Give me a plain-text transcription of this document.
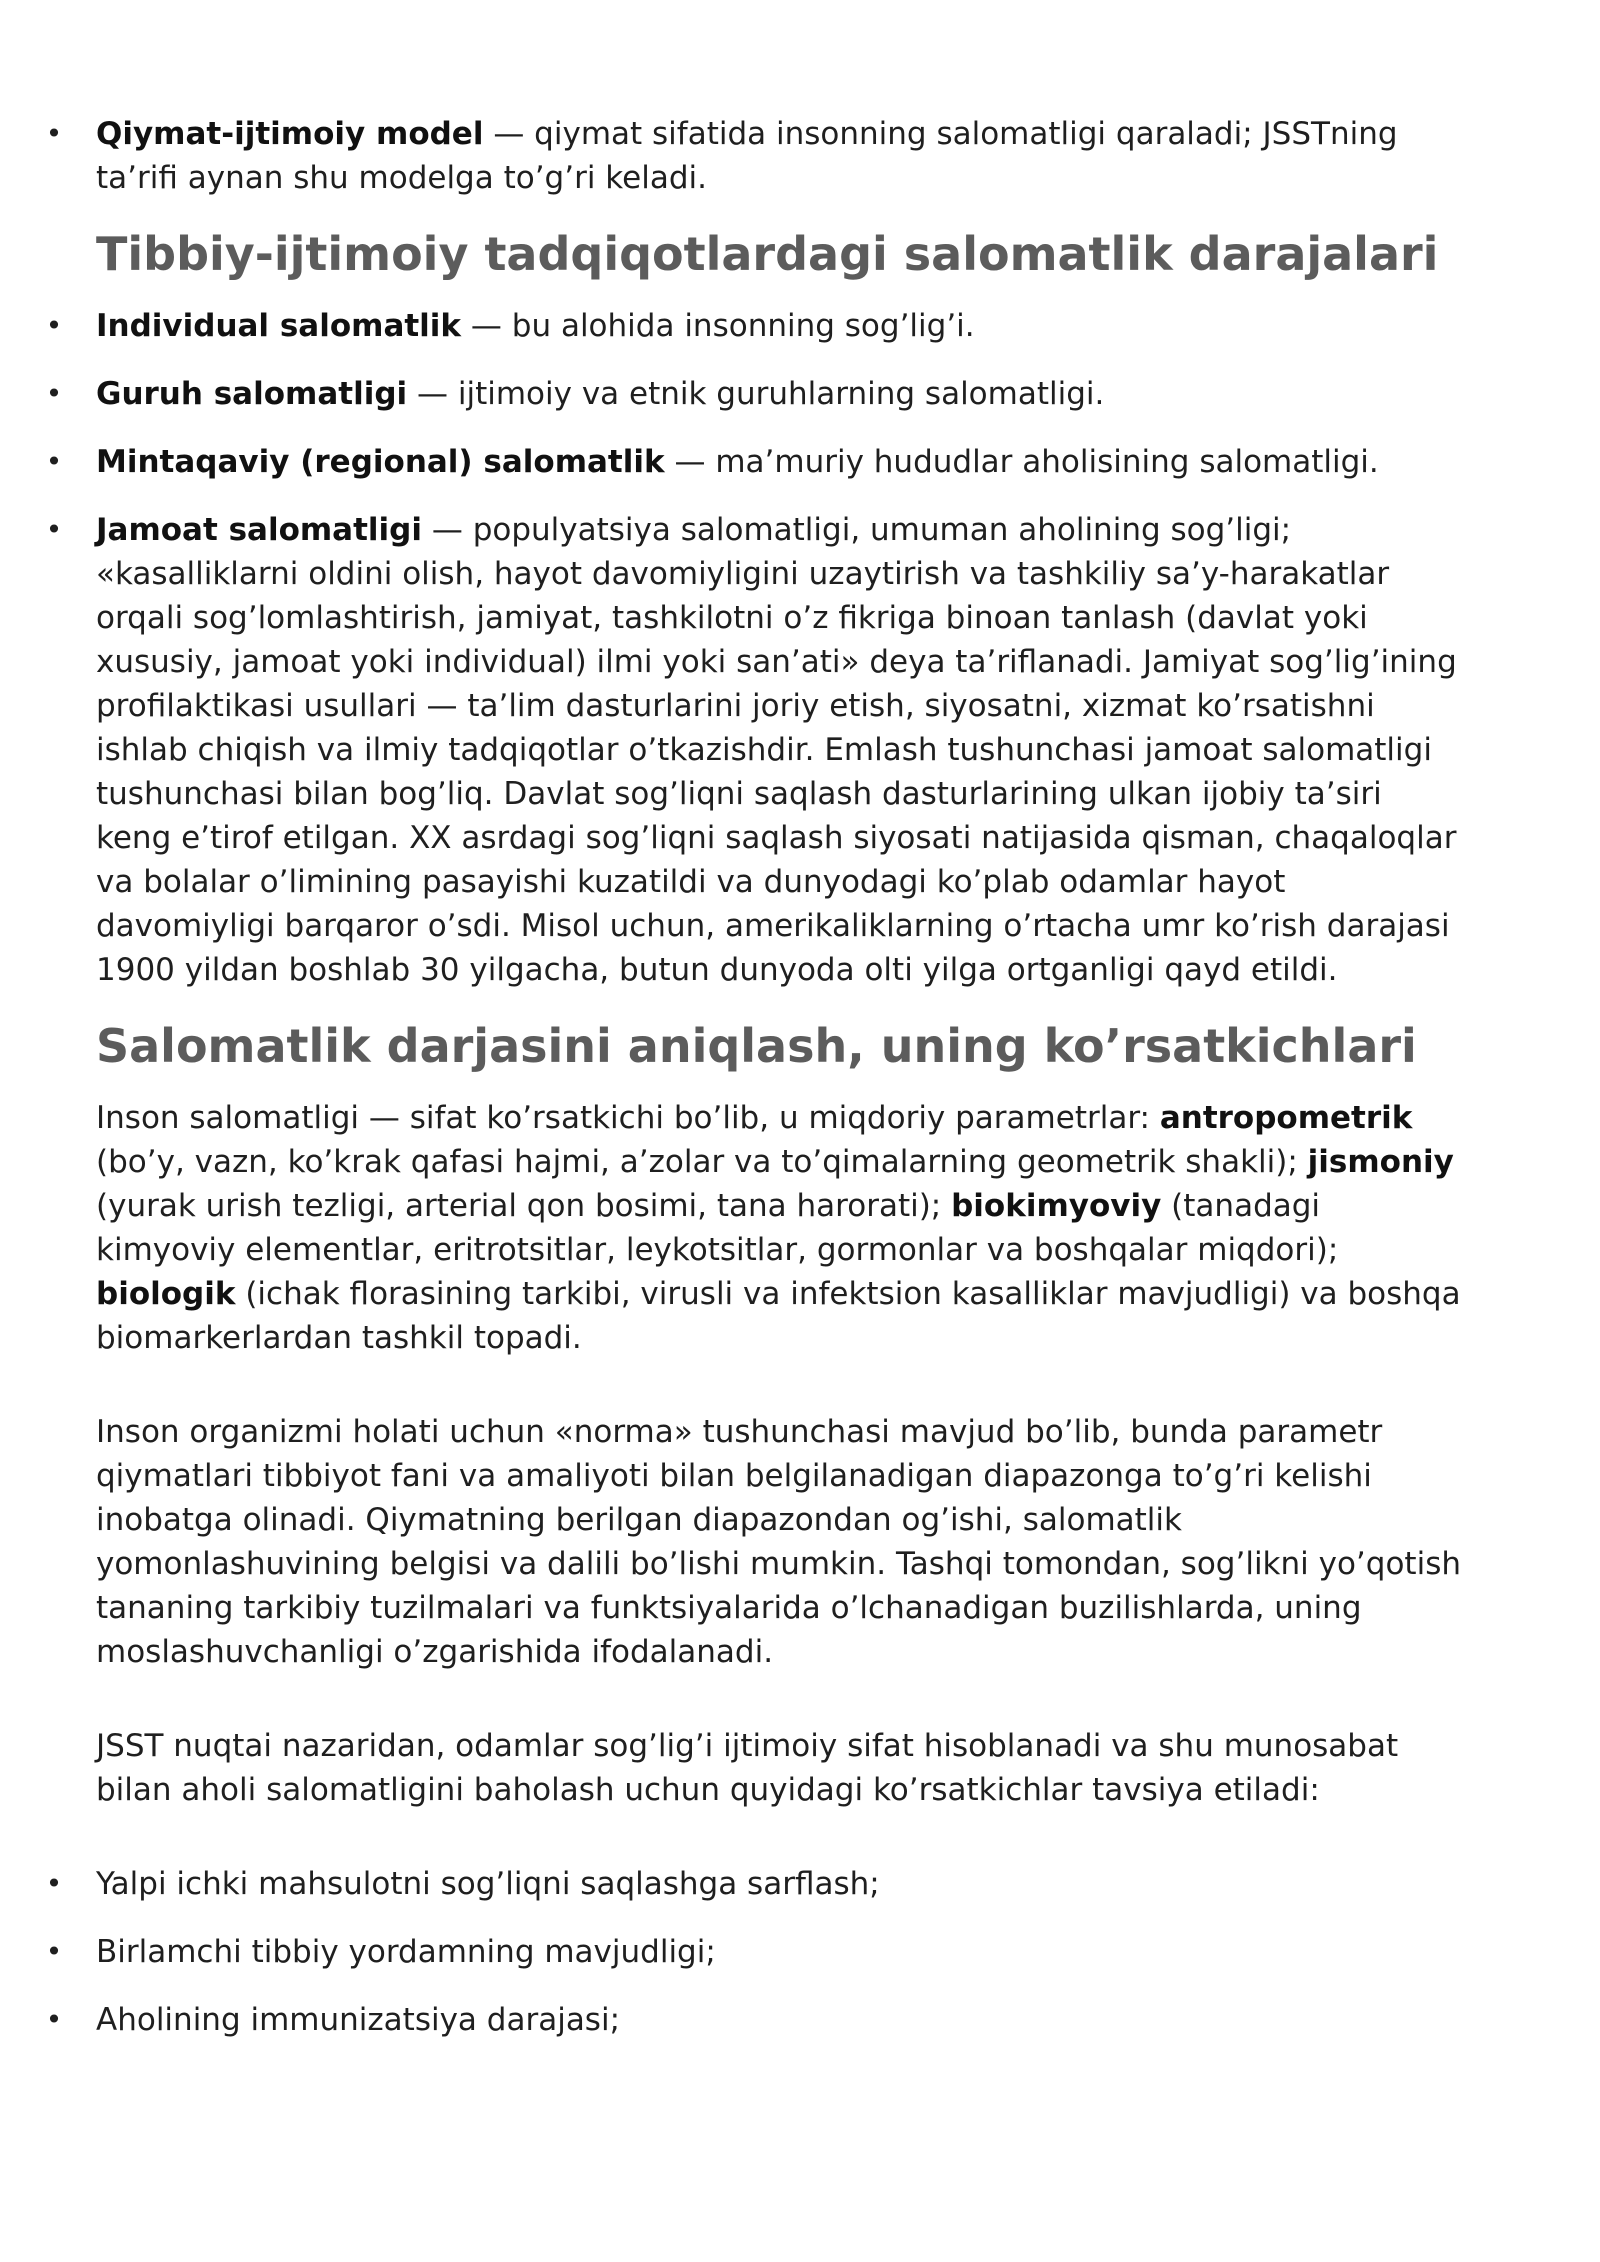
• Qiymat-ijtimoiy model — qiymat sifatida insonning salomatligi qaraladi; JSSTning ta’rifi aynan shu modelga to’g’ri keladi.
Tibbiy-ijtimoiy tadqiqotlardagi salomatlik darajalari
• Individual salomatlik — bu alohida insonning sog’lig’i.
• Guruh salomatligi — ijtimoiy va etnik guruhlarning salomatligi.
• Mintaqaviy (regional) salomatlik — ma’muriy hududlar aholisining salomatligi.
• Jamoat salomatligi — populyatsiya salomatligi, umuman aholining sog’ligi; «kasalliklarni oldini olish, hayot davomiyligini uzaytirish va tashkiliy sa’y-harakatlar orqali sog’lomlashtirish, jamiyat, tashkilotni o’z fikriga binoan tanlash (davlat yoki xususiy, jamoat yoki individual) ilmi yoki san’ati» deya ta’riflanadi. Jamiyat sog’lig’ining profilaktikasi usullari — ta’lim dasturlarini joriy etish, siyosatni, xizmat ko’rsatishni ishlab chiqish va ilmiy tadqiqotlar o’tkazishdir. Emlash tushunchasi jamoat salomatligi tushunchasi bilan bog’liq. Davlat sog’liqni saqlash dasturlarining ulkan ijobiy ta’siri keng e’tirof etilgan. XX asrdagi sog’liqni saqlash siyosati natijasida qisman, chaqaloqlar va bolalar o’limining pasayishi kuzatildi va dunyodagi ko’plab odamlar hayot davomiyligi barqaror o’sdi. Misol uchun, amerikaliklarning o’rtacha umr ko’rish darajasi 1900 yildan boshlab 30 yilgacha, butun dunyoda olti yilga ortganligi qayd etildi.
Salomatlik darjasini aniqlash, uning ko’rsatkichlari

Inson salomatligi — sifat ko’rsatkichi bo’lib, u miqdoriy parametrlar: antropometrik (bo’y, vazn, ko’krak qafasi hajmi, a’zolar va to’qimalarning geometrik shakli); jismoniy (yurak urish tezligi, arterial qon bosimi, tana harorati); biokimyoviy (tanadagi kimyoviy elementlar, eritrotsitlar, leykotsitlar, gormonlar va boshqalar miqdori); biologik (ichak florasining tarkibi, virusli va infektsion kasalliklar mavjudligi) va boshqa biomarkerlardan tashkil topadi.

Inson organizmi holati uchun «norma» tushunchasi mavjud bo’lib, bunda parametr qiymatlari tibbiyot fani va amaliyoti bilan belgilanadigan diapazonga to’g’ri kelishi inobatga olinadi. Qiymatning berilgan diapazondan og’ishi, salomatlik yomonlashuvining belgisi va dalili bo’lishi mumkin. Tashqi tomondan, sog’likni yo’qotish tananing tarkibiy tuzilmalari va funktsiyalarida o’lchanadigan buzilishlarda, uning moslashuvchanligi o’zgarishida ifodalanadi.

JSST nuqtai nazaridan, odamlar sog’lig’i ijtimoiy sifat hisoblanadi va shu munosabat bilan aholi salomatligini baholash uchun quyidagi ko’rsatkichlar tavsiya etiladi:

• Yalpi ichki mahsulotni sog’liqni saqlashga sarflash;
• Birlamchi tibbiy yordamning mavjudligi;
• Aholining immunizatsiya darajasi;
